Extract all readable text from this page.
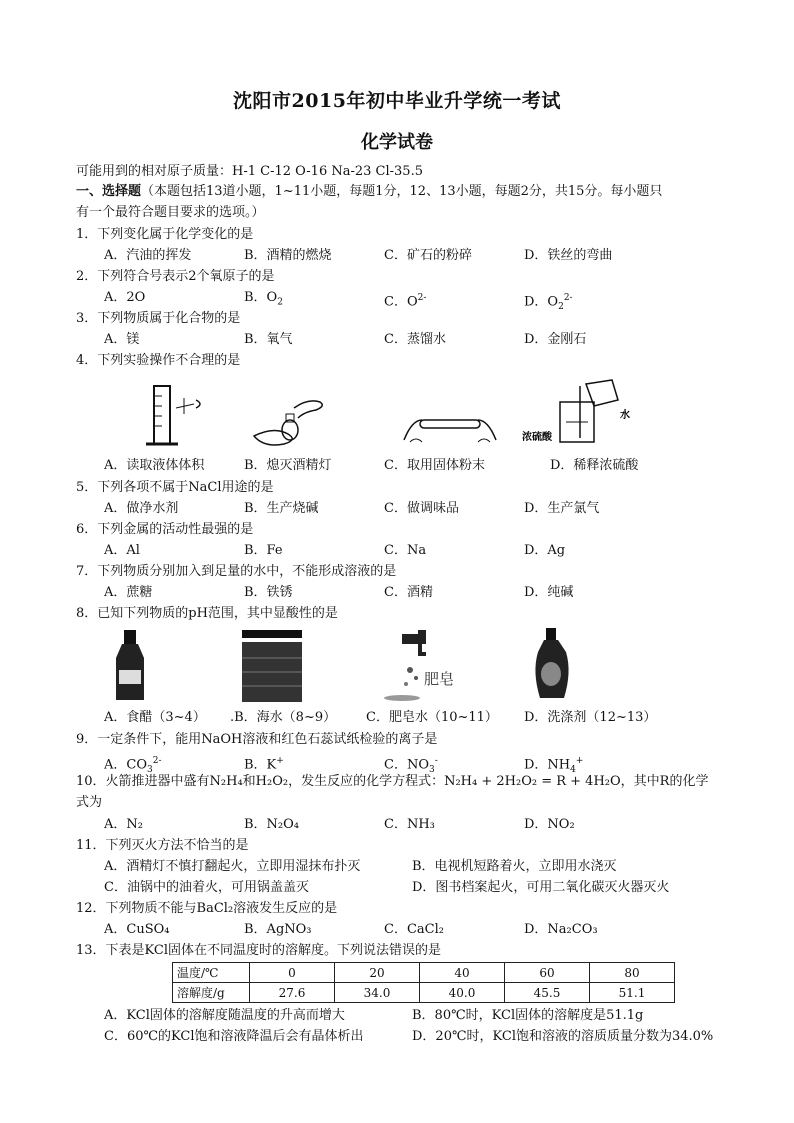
沈阳市2015年初中毕业升学统一考试
化学试卷
可能用到的相对原子质量：H-1 C-12 O-16 Na-23 Cl-35.5
一、选择题（本题包括13道小题，1~11小题，每题1分，12、13小题，每题2分，共15分。每小题只
有一个最符合题目要求的选项。）
1．下列变化属于化学变化的是
A．汽油的挥发	B．酒精的燃烧	C．矿石的粉碎	D．铁丝的弯曲
2．下列符合号表示2个氧原子的是
A．2O	B．$O_2$	C．$O^{2-}$	D．$O_2^{2-}$
3．下列物质属于化合物的是
A．镁	B．氧气	C．蒸馏水	D．金刚石
4．下列实验操作不合理的是
浓硫酸
水
A．读取液体体积	B．熄灭酒精灯	C．取用固体粉末	D．稀释浓硫酸
5．下列各项不属于NaCl用途的是
A．做净水剂	B．生产烧碱	C．做调味品	D．生产氯气
6．下列金属的活动性最强的是
A．Al	B．Fe	C．Na	D．Ag
7．下列物质分别加入到足量的水中，不能形成溶液的是
A．蔗糖	B．铁锈	C．酒精	D．纯碱
8．已知下列物质的pH范围，其中显酸性的是
肥皂
A．食醋（3~4） .B．海水（8~9） C．肥皂水（10~11） D．洗涤剂（12~13）
9．一定条件下，能用NaOH溶液和红色石蕊试纸检验的离子是
A．$CO_3^{2-}$	B．K+	C．$NO_3^-$	D．$NH_4^+$
10．火箭推进器中盛有N₂H₄和H₂O₂，发生反应的化学方程式：N₂H₄ + 2H₂O₂ = R + 4H₂O，其中R的化学
式为
A．N₂	B．N₂O₄	C．NH₃	D．NO₂
11．下列灭火方法不恰当的是
A．酒精灯不慎打翻起火，立即用湿抹布扑灭	B．电视机短路着火，立即用水浇灭
C．油锅中的油着火，可用锅盖盖灭	D．图书档案起火，可用二氧化碳灭火器灭火
12．下列物质不能与BaCl₂溶液发生反应的是
A．CuSO₄	B．AgNO₃	C．CaCl₂	D．Na₂CO₃
13．下表是KCl固体在不同温度时的溶解度。下列说法错误的是
温度/℃	0	20	40	60	80
溶解度/g	27.6	34.0	40.0	45.5	51.1
A．KCl固体的溶解度随温度的升高而增大	B．80℃时，KCl固体的溶解度是51.1g
C．60℃的KCl饱和溶液降温后会有晶体析出	D．20℃时，KCl饱和溶液的溶质质量分数为34.0%
